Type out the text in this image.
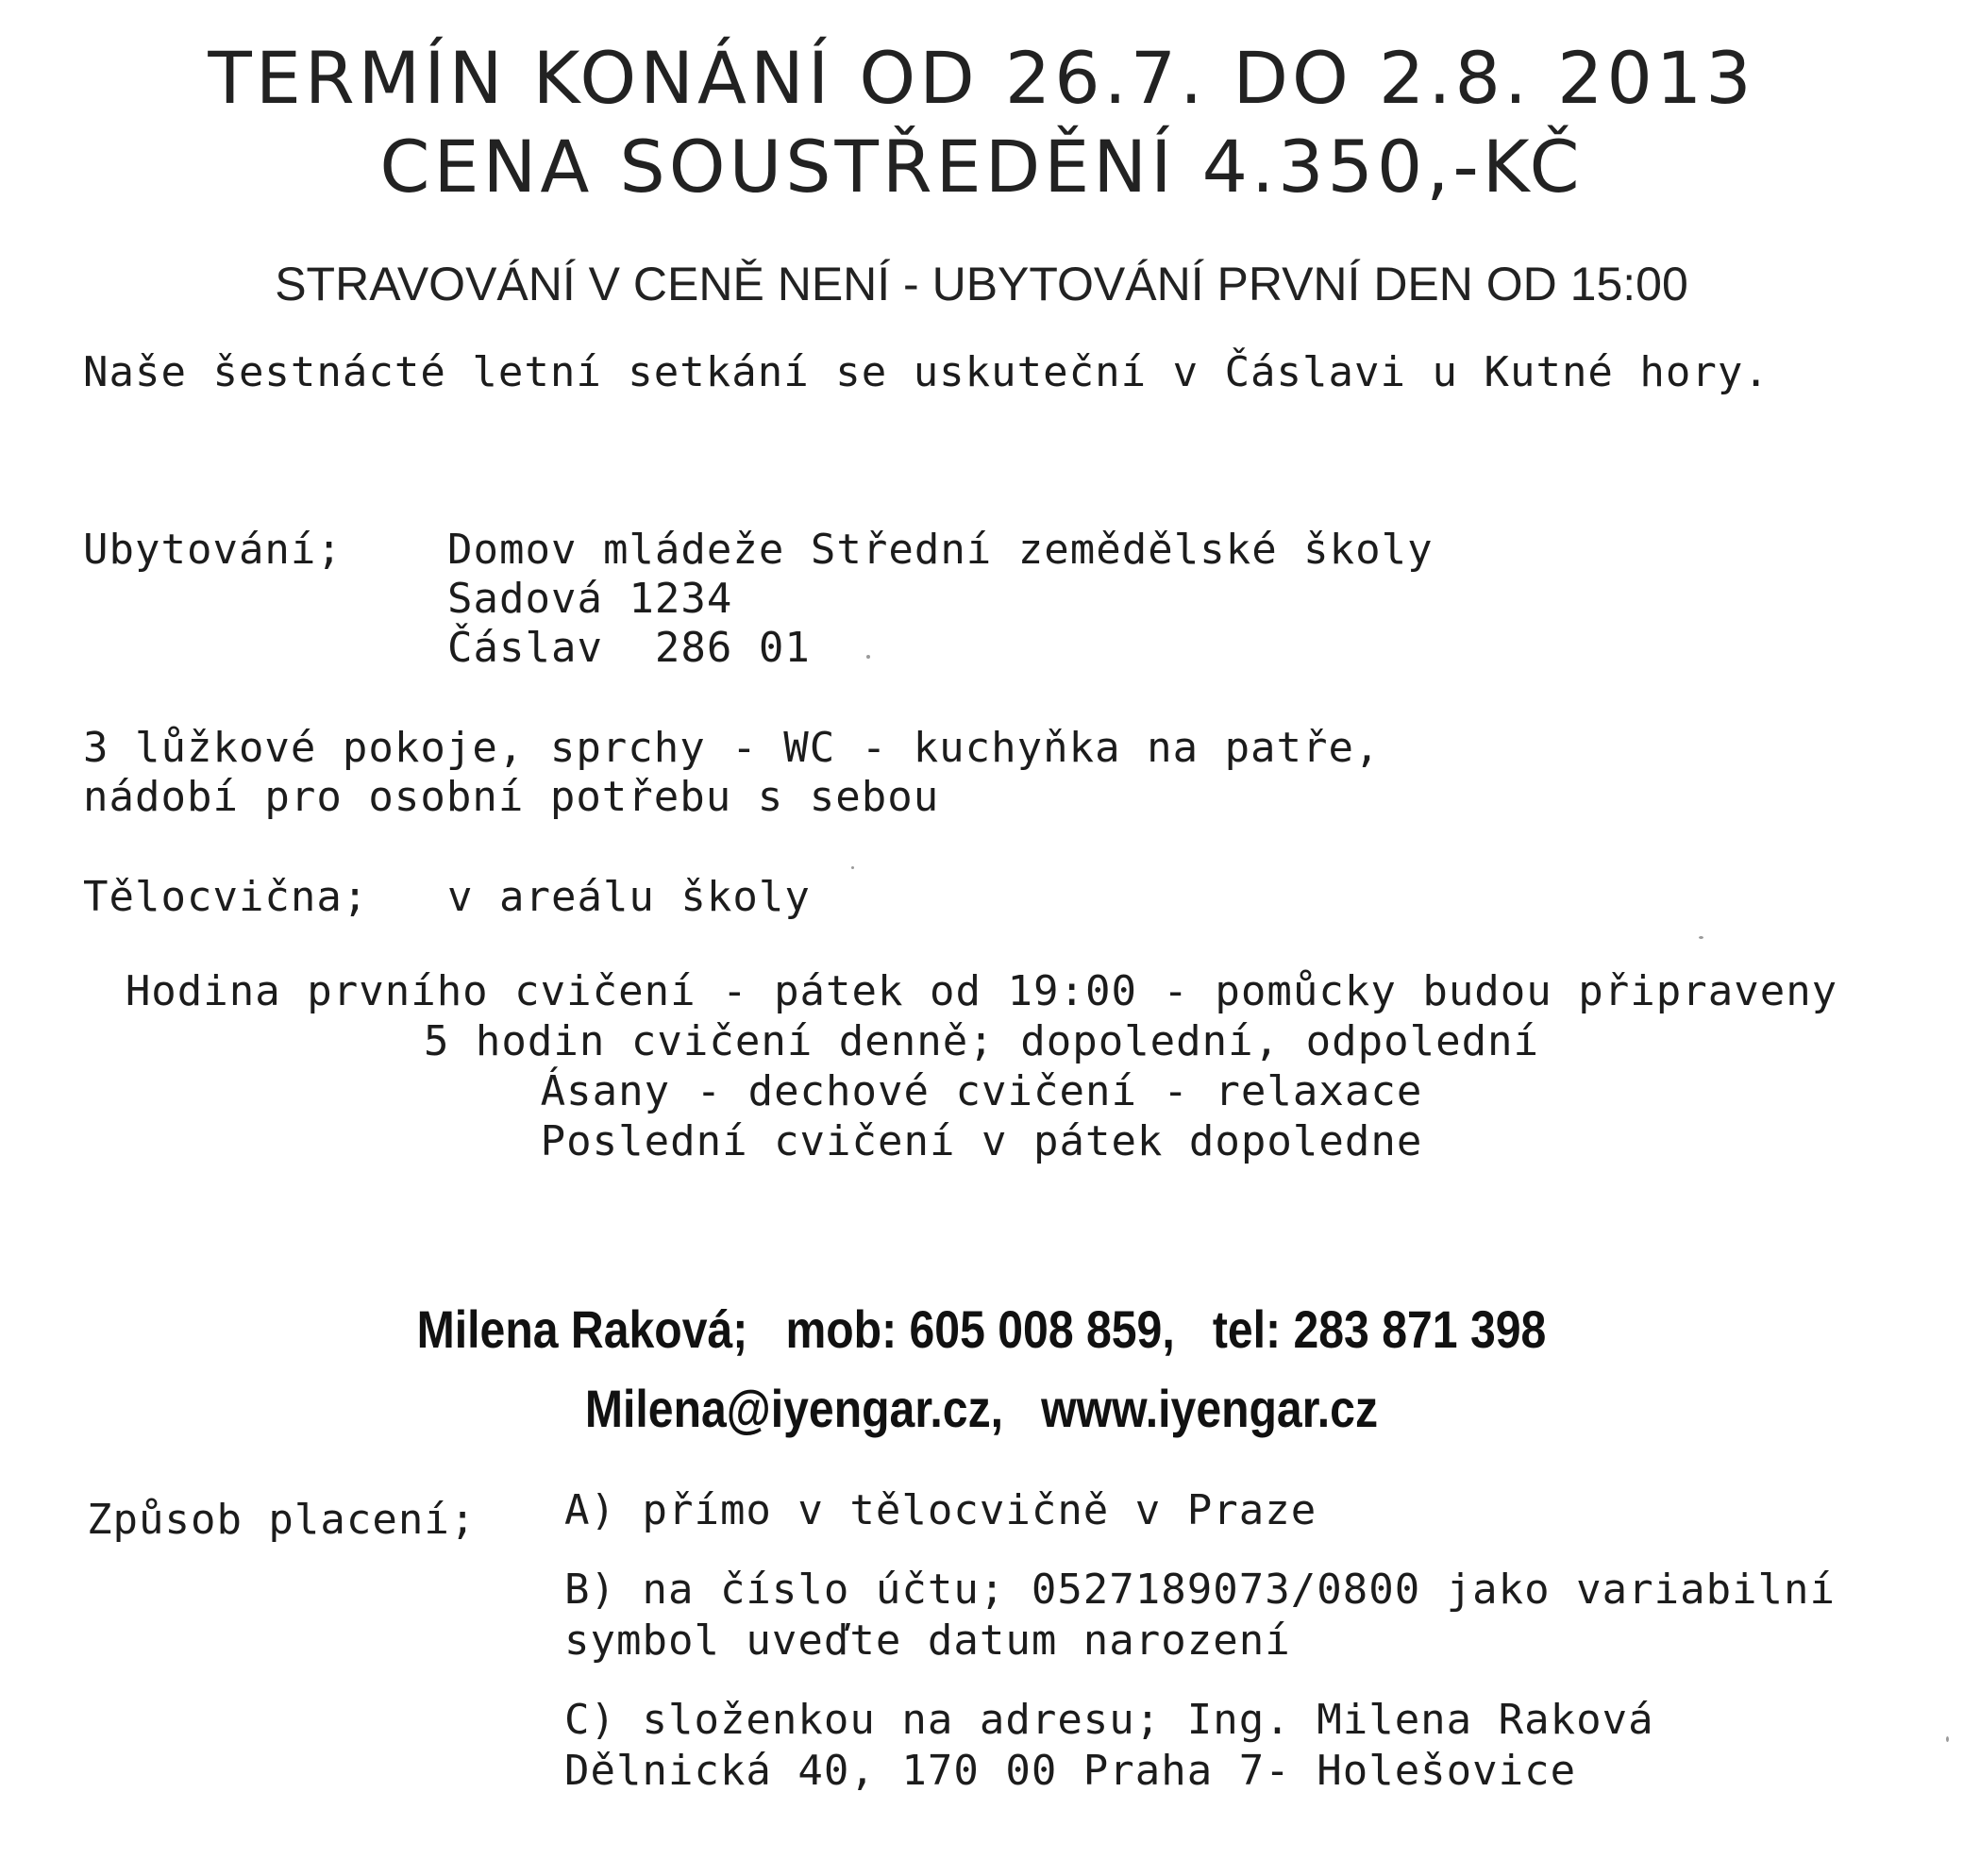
TERMÍN KONÁNÍ OD 26.7. DO 2.8. 2013
CENA SOUSTŘEDĚNÍ 4.350,-KČ
STRAVOVÁNÍ V CENĚ NENÍ - UBYTOVÁNÍ PRVNÍ DEN OD 15:00
Naše šestnácté letní setkání se uskuteční v Čáslavi u Kutné hory.
Ubytování;	Domov mládeže Střední zemědělské školy
Sadová 1234
Čáslav  286 01
3 lůžkové pokoje, sprchy - WC - kuchyňka na patře,
nádobí pro osobní potřebu s sebou
Tělocvična; v areálu školy
Hodina prvního cvičení - pátek od 19:00 - pomůcky budou připraveny
5 hodin cvičení denně; dopolední, odpolední
Ásany - dechové cvičení - relaxace
Poslední cvičení v pátek dopoledne
Milena Raková;   mob: 605 008 859,   tel: 283 871 398
Milena@iyengar.cz,   www.iyengar.cz
Způsob placení; A) přímo v tělocvičně v Praze
B) na číslo účtu; 0527189073/0800 jako variabilní
symbol uveďte datum narození
C) složenkou na adresu; Ing. Milena Raková
Dělnická 40, 170 00 Praha 7- Holešovice
